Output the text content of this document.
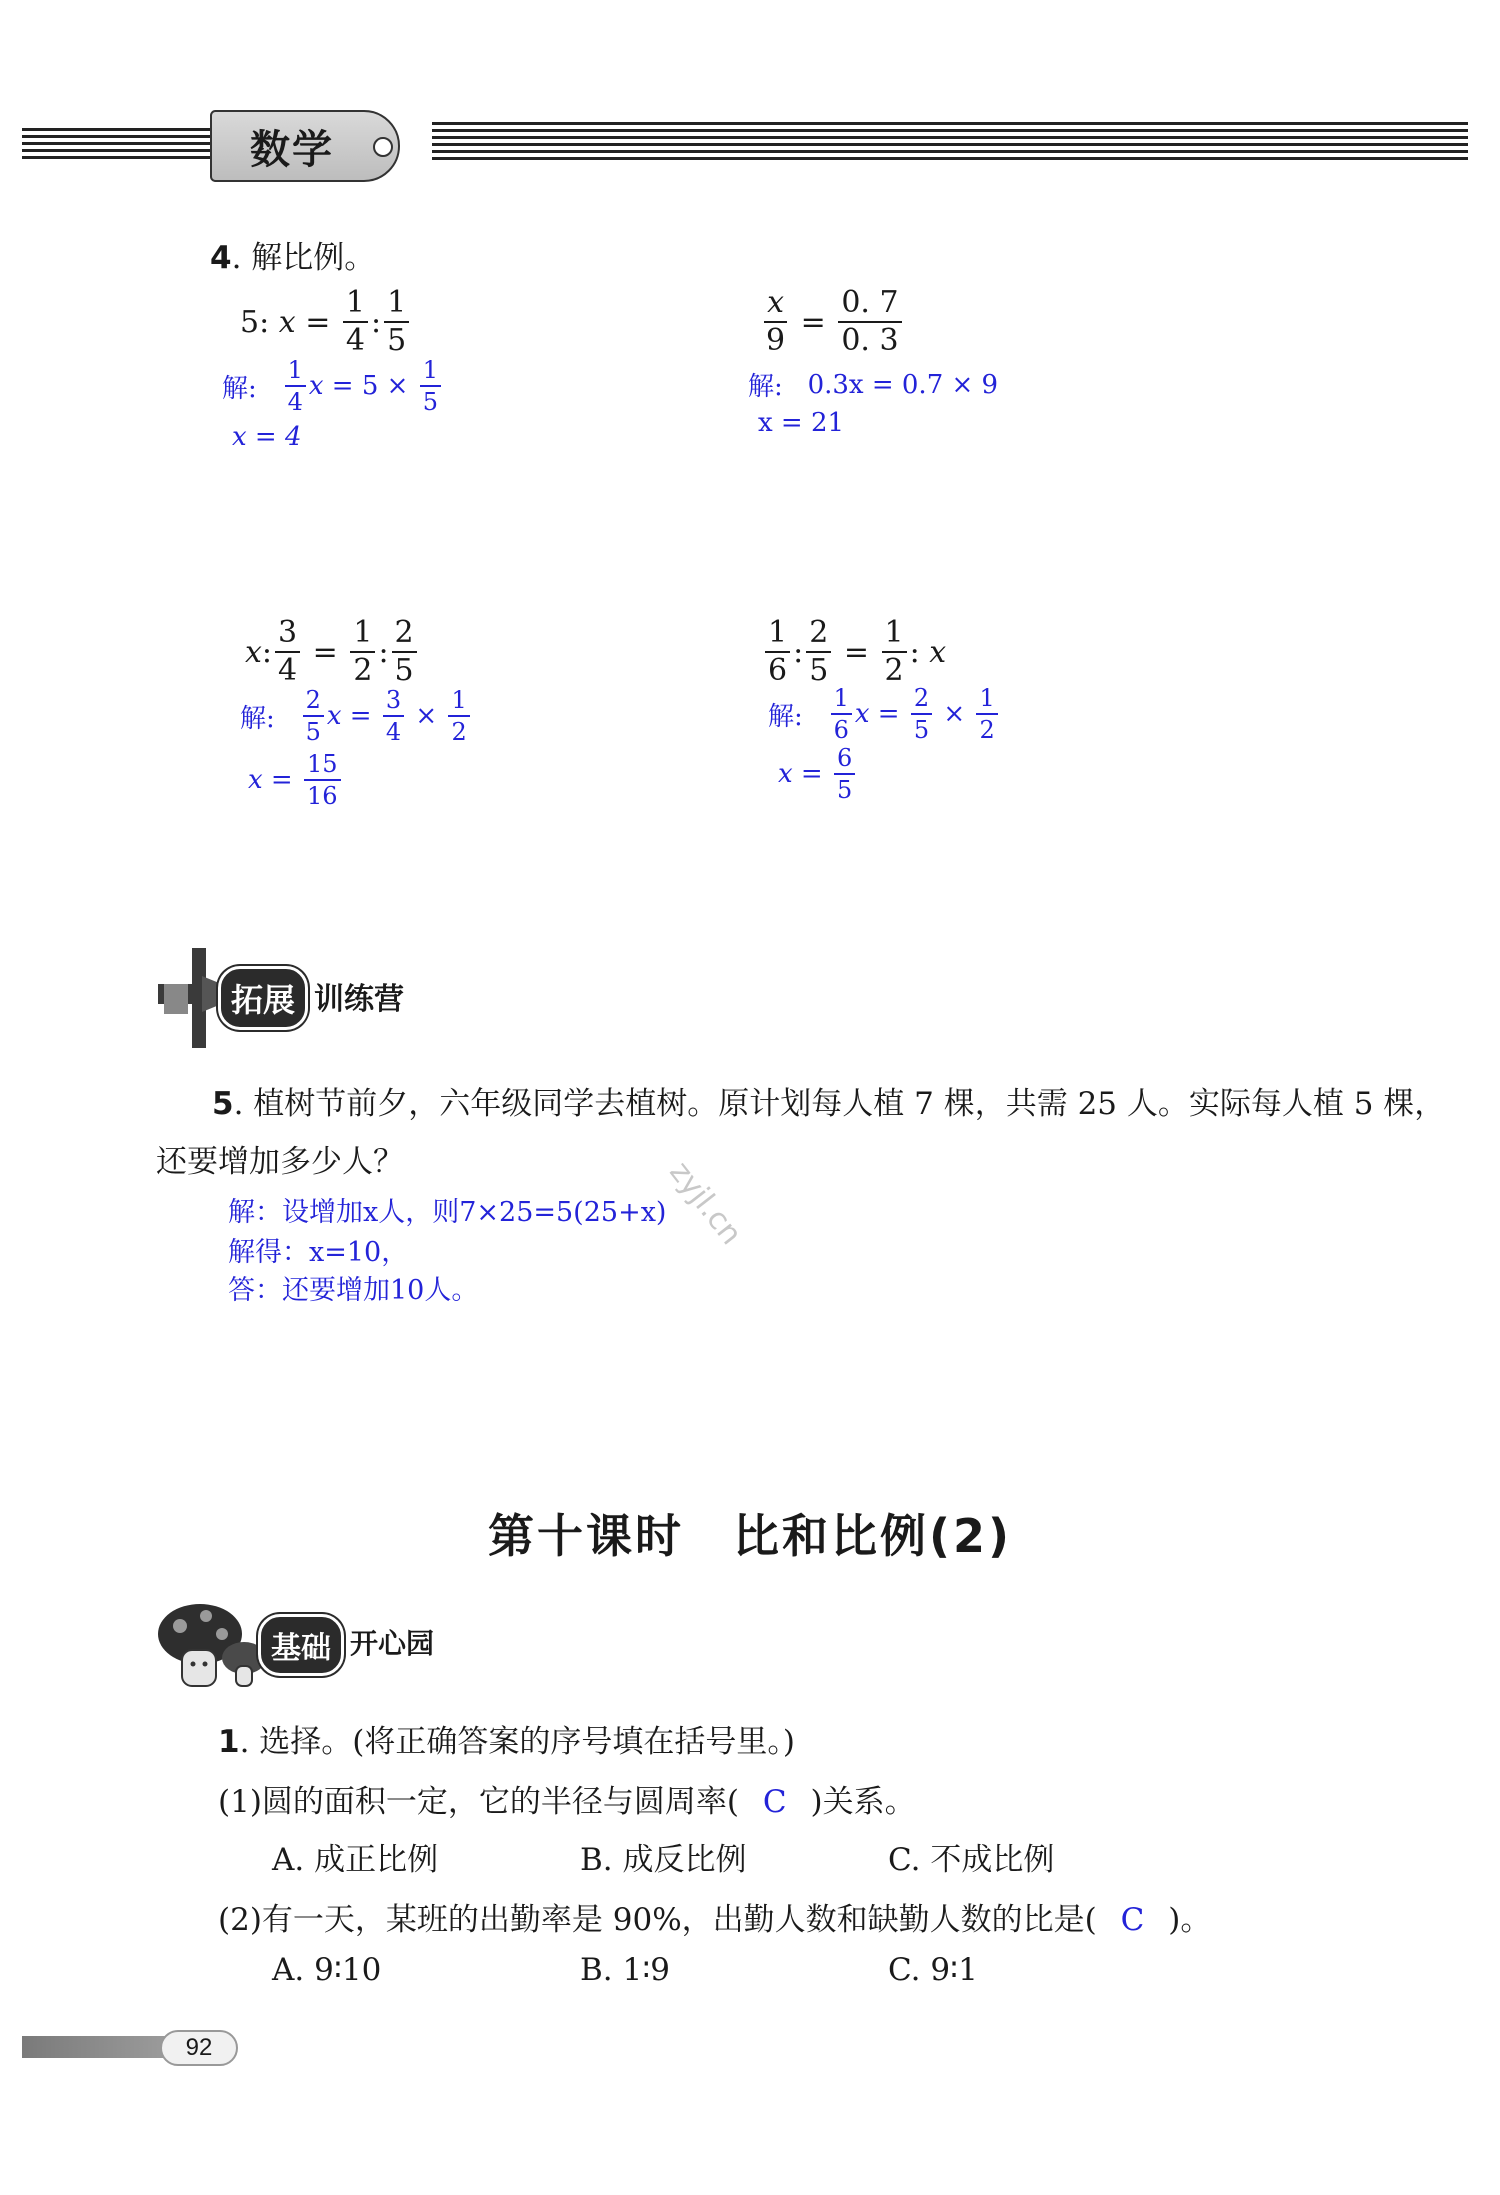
数学
4. 解比例。
5 : $x = \frac{1}{4}$ : $\frac{1}{5}$
解:
$\frac{1}{4}$ x
= 5 ×
$\frac{1}{5}$
x = 4
$\frac{x}{9} = \frac{0. 7}{0. 3}$
解:
0.3x = 0.7 × 9
x = 21
x : $\frac{3}{4} = \frac{1}{2}$ : $\frac{2}{5}$
解:
$\frac{2}{5}$ x
=
$\frac{3}{4}$
×
$\frac{1}{2}$
x =
$\frac{15}{16}$
$\frac{1}{6}$ : $\frac{2}{5} = \frac{1}{2}$ : x
解:
$\frac{1}{6}$ x
=
$\frac{2}{5}$
×
$\frac{1}{2}$
x =
$\frac{6}{5}$
拓展 训练营
5. 植树节前夕，六年级同学去植树。原计划每人植 7 棵，共需 25 人。实际每人植 5 棵，
还要增加多少人？
解：设增加x人，则7×25=5(25+x)
解得：x=10，
答：还要增加10人。
zyjl.cn
第十课时　比和比例(2)
基础 开心园
1. 选择。(将正确答案的序号填在括号里。)
(1)圆的面积一定，它的半径与圆周率( C )关系。
A. 成正比例	B. 成反比例	C. 不成比例
(2)有一天，某班的出勤率是 90%，出勤人数和缺勤人数的比是( C )。
A. 9∶10	B. 1∶9	C. 9∶1
92
